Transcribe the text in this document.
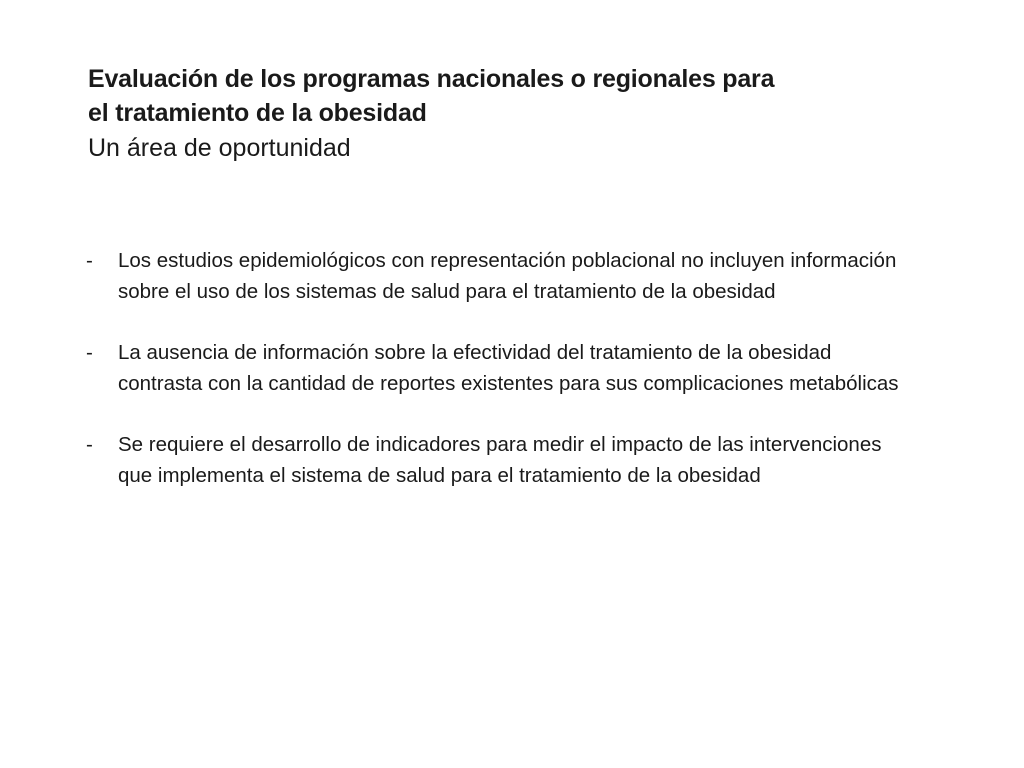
Evaluación de los programas nacionales o regionales para
el tratamiento de la obesidad
Un área de oportunidad
- Los estudios epidemiológicos con representación poblacional no incluyen información sobre el uso de los sistemas de salud para el tratamiento de la obesidad
- La ausencia de información sobre la efectividad del tratamiento de la obesidad contrasta con la cantidad de reportes existentes para sus complicaciones metabólicas
- Se requiere el desarrollo de indicadores para medir el impacto de las intervenciones que implementa el sistema de salud para el tratamiento de la obesidad
